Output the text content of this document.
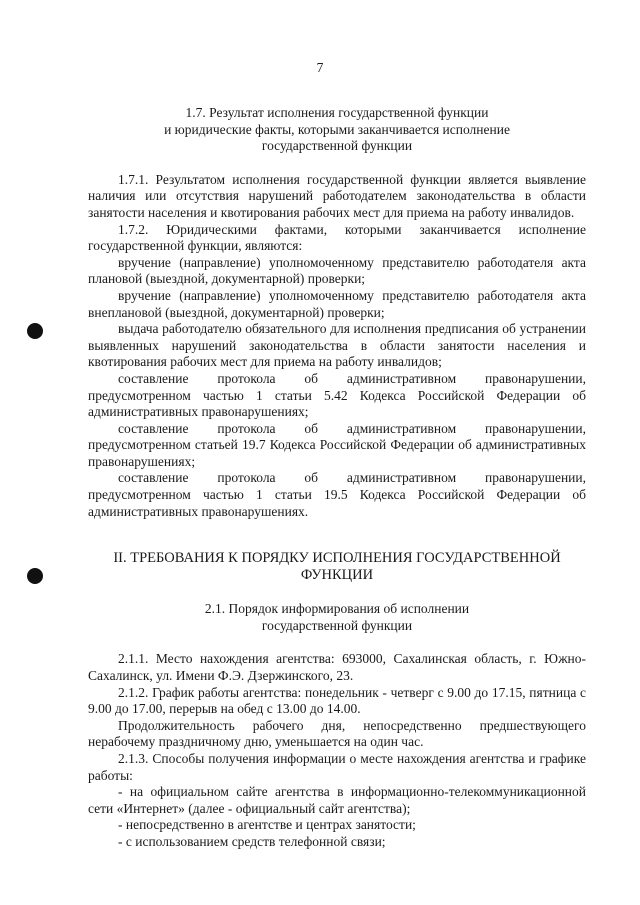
7
1.7. Результат исполнения государственной функции
и юридические факты, которыми заканчивается исполнение
государственной функции

1.7.1. Результатом исполнения государственной функции является выявление наличия или отсутствия нарушений работодателем законодательства в области занятости населения и квотирования рабочих мест для приема на работу инвалидов.

1.7.2. Юридическими фактами, которыми заканчивается исполнение государственной функции, являются:

вручение (направление) уполномоченному представителю работодателя акта плановой (выездной, документарной) проверки;

вручение (направление) уполномоченному представителю работодателя акта внеплановой (выездной, документарной) проверки;

выдача работодателю обязательного для исполнения предписания об устранении выявленных нарушений законодательства в области занятости населения и квотирования рабочих мест для приема на работу инвалидов;

составление протокола об административном правонарушении, предусмотренном частью 1 статьи 5.42 Кодекса Российской Федерации об административных правонарушениях;

составление протокола об административном правонарушении, предусмотренном статьей 19.7 Кодекса Российской Федерации об административных правонарушениях;

составление протокола об административном правонарушении, предусмотренном частью 1 статьи 19.5 Кодекса Российской Федерации об административных правонарушениях.

II. ТРЕБОВАНИЯ К ПОРЯДКУ ИСПОЛНЕНИЯ ГОСУДАРСТВЕННОЙ
ФУНКЦИИ
2.1. Порядок информирования об исполнении
государственной функции

2.1.1. Место нахождения агентства: 693000, Сахалинская область, г. Южно-Сахалинск, ул. Имени Ф.Э. Дзержинского, 23.

2.1.2. График работы агентства: понедельник - четверг с 9.00 до 17.15, пятница с 9.00 до 17.00, перерыв на обед с 13.00 до 14.00.

Продолжительность рабочего дня, непосредственно предшествующего нерабочему праздничному дню, уменьшается на один час.

2.1.3. Способы получения информации о месте нахождения агентства и графике работы:

- на официальном сайте агентства в информационно-телекоммуникационной сети «Интернет» (далее - официальный сайт агентства);

- непосредственно в агентстве и центрах занятости;

- с использованием средств телефонной связи;
